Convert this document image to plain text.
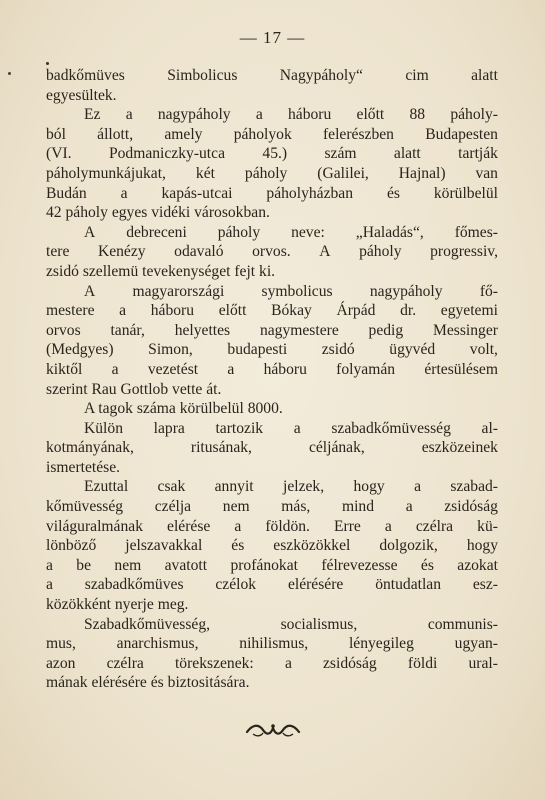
— 17 —
badkőmüves	Simbolicus	Nagypáholy“	cim	alatt
egyesültek.
Ez a nagypáholy a háboru előtt 88 páholy-
ból állott, amely páholyok felerészben Budapesten
(VI. Podmaniczky-utca 45.) szám alatt tartják
páholymunkájukat, két páholy (Galilei, Hajnal) van
Budán a kapás-utcai páholyházban és körülbelül
42 páholy egyes vidéki városokban.
A debreceni páholy neve: „Haladás“, főmes-
tere Kenézy odavaló orvos. A páholy progressiv,
zsidó szellemü tevekenységet fejt ki.
A magyarországi symbolicus nagypáholy fő-
mestere a háboru előtt Bókay Árpád dr. egyetemi
orvos tanár, helyettes nagymestere pedig Messinger
(Medgyes) Simon, budapesti zsidó ügyvéd volt,
kiktől a vezetést a háboru folyamán értesülésem
szerint Rau Gottlob vette át.
A tagok száma körülbelül 8000.
Külön lapra tartozik a szabadkőmüvesség al-
kotmányának,	ritusának,	céljának,	eszközeinek
ismertetése.
Ezuttal csak annyit jelzek, hogy a szabad-
kőmüvesség czélja nem más, mind a zsidóság
világuralmának elérése a földön. Erre a czélra kü-
lönböző jelszavakkal és eszközökkel dolgozik, hogy
a be nem avatott profánokat félrevezesse és azokat
a szabadkőmüves czélok elérésére öntudatlan esz-
közökként nyerje meg.
Szabadkőmüvesség,	socialismus,	communis-
mus,	anarchismus,	nihilismus,	lényegileg	ugyan-
azon czélra törekszenek: a zsidóság földi ural-
mának elérésére és biztositására.
